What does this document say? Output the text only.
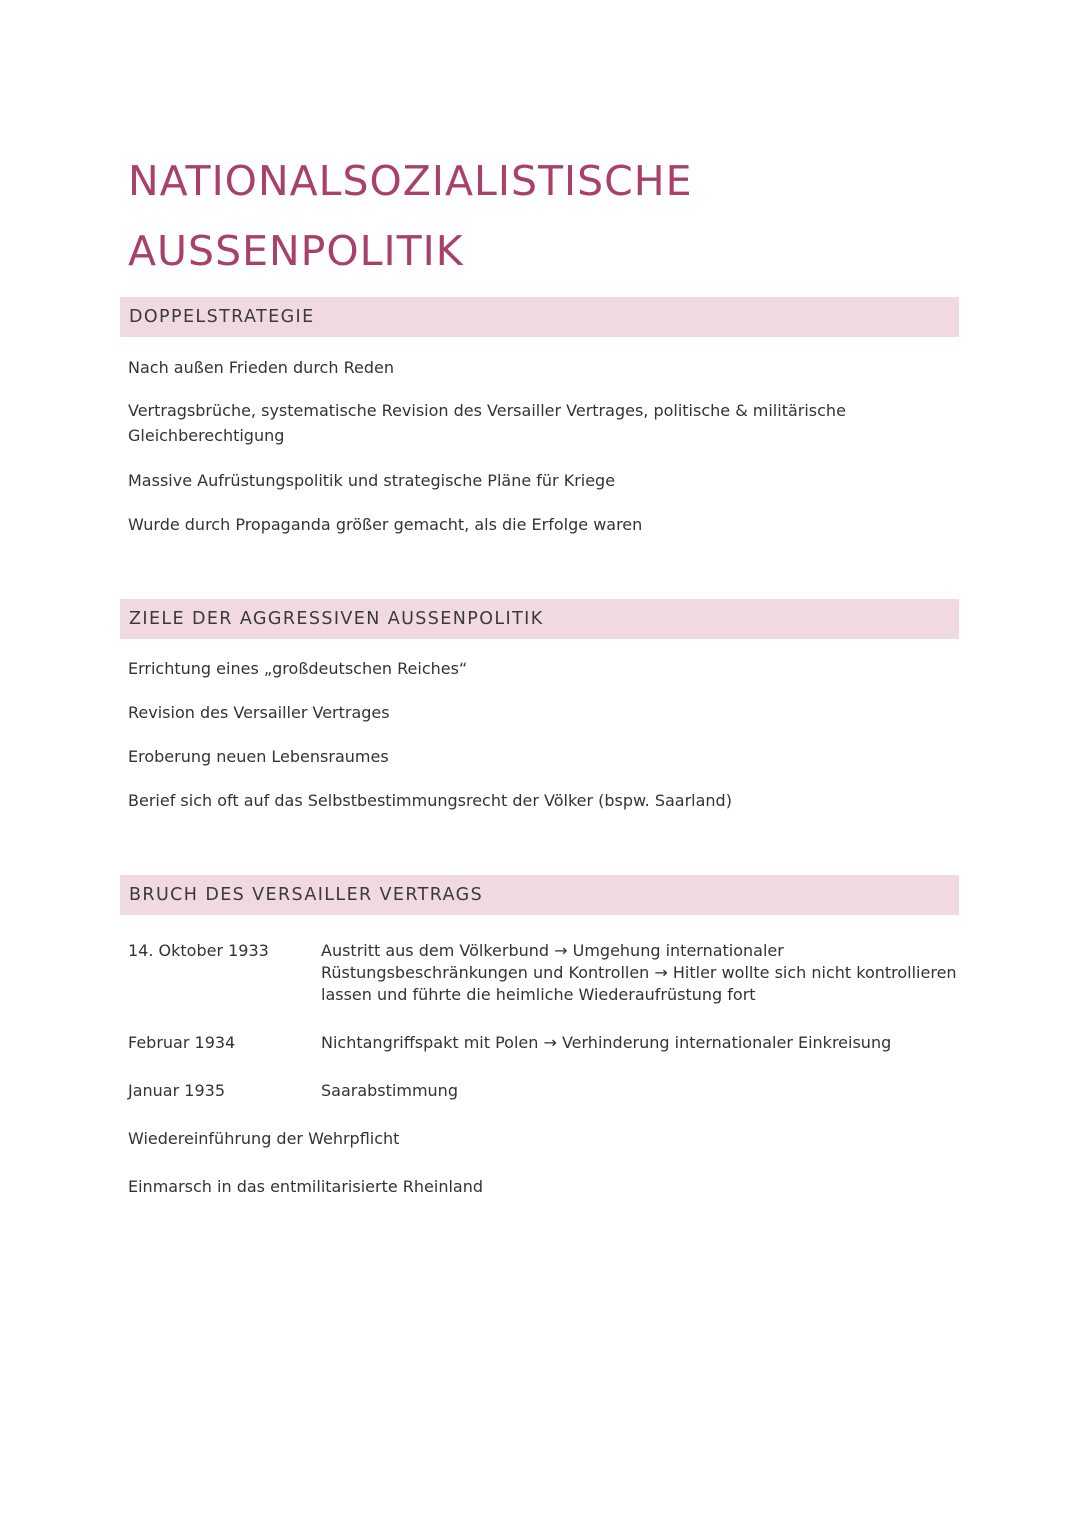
NATIONALSOZIALISTISCHE
AUSSENPOLITIK
DOPPELSTRATEGIE

Nach außen Frieden durch Reden

Vertragsbrüche, systematische Revision des Versailler Vertrages, politische & militärische Gleichberechtigung

Massive Aufrüstungspolitik und strategische Pläne für Kriege

Wurde durch Propaganda größer gemacht, als die Erfolge waren

ZIELE DER AGGRESSIVEN AUSSENPOLITIK

Errichtung eines „großdeutschen Reiches“

Revision des Versailler Vertrages

Eroberung neuen Lebensraumes

Berief sich oft auf das Selbstbestimmungsrecht der Völker (bspw. Saarland)

BRUCH DES VERSAILLER VERTRAGS

14. Oktober 1933	Austritt aus dem Völkerbund → Umgehung internationaler Rüstungsbeschränkungen und Kontrollen → Hitler wollte sich nicht kontrollieren lassen und führte die heimliche Wiederaufrüstung fort

Februar 1934	Nichtangriffspakt mit Polen → Verhinderung internationaler Einkreisung

Januar 1935	Saarabstimmung

Wiedereinführung der Wehrpflicht

Einmarsch in das entmilitarisierte Rheinland
